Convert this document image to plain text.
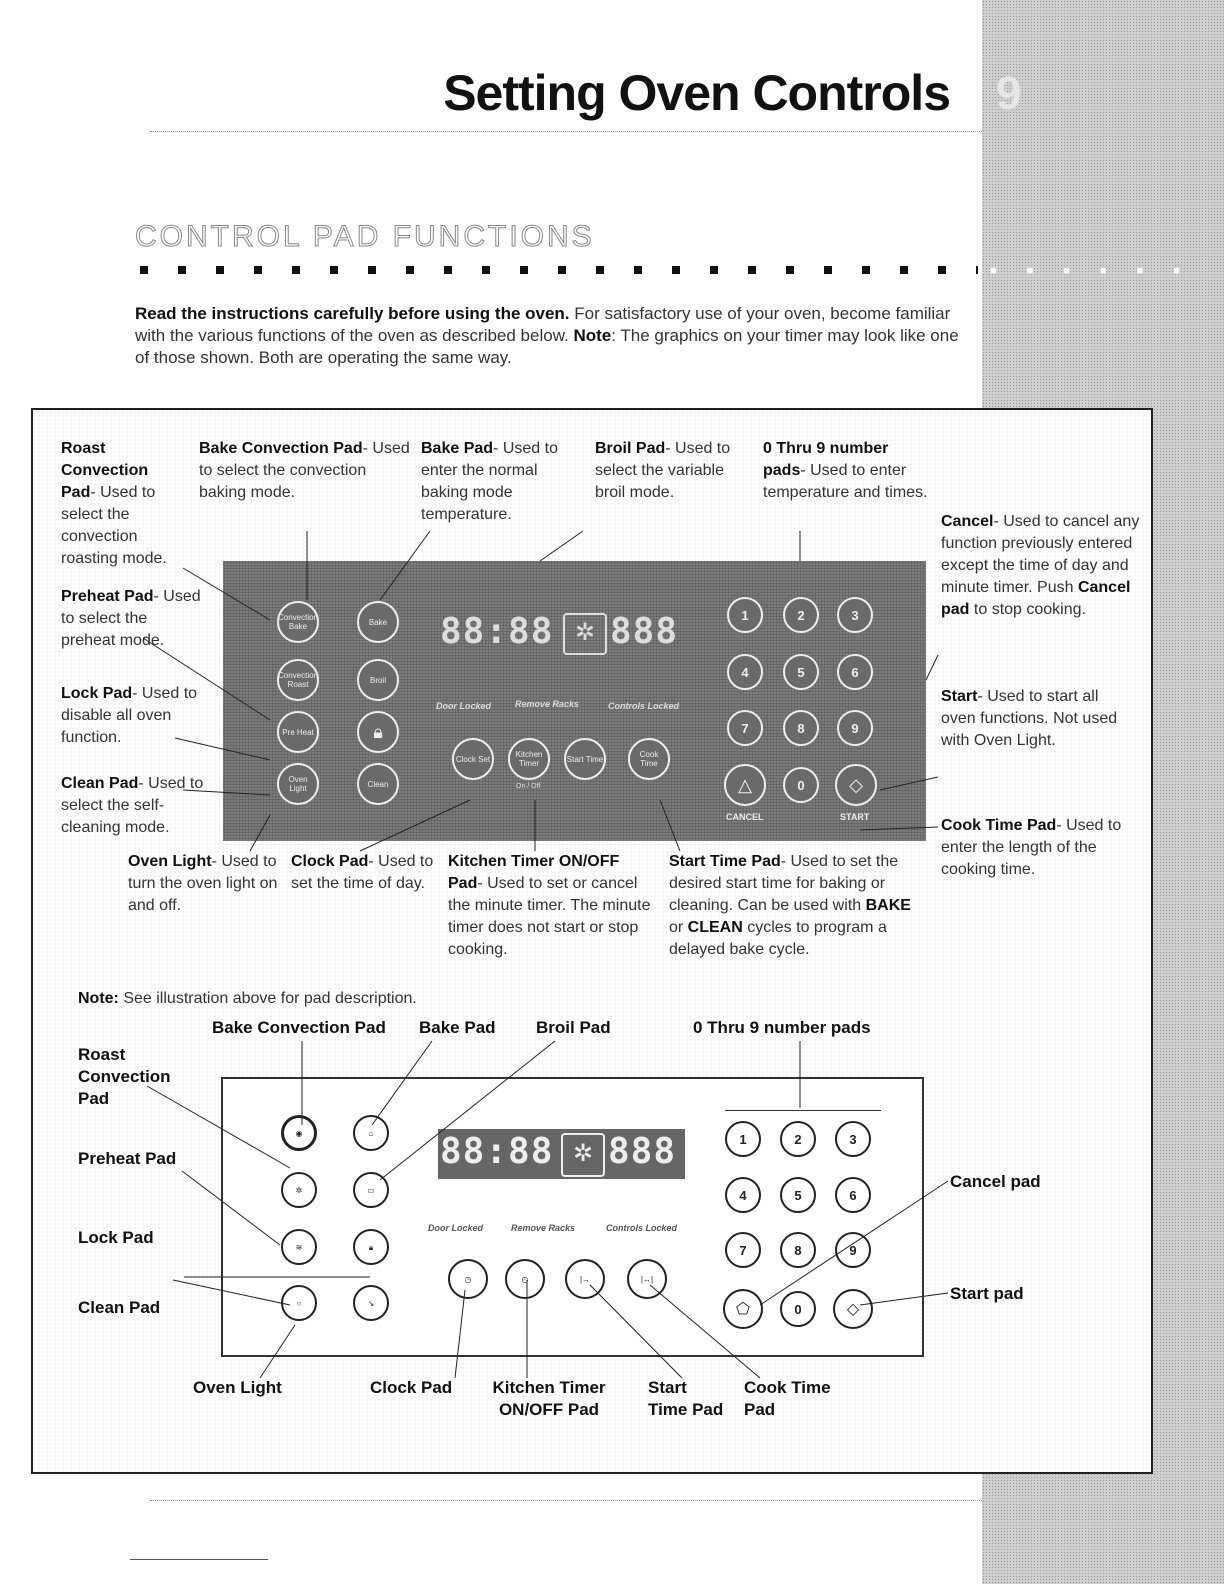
9
■■■■■■
Setting Oven Controls
CONTROL PAD FUNCTIONS
Read the instructions carefully before using the oven. For satisfactory use of your oven, become familiar with the various functions of the oven as described below. Note: The graphics on your timer may look like one of those shown. Both are operating the same way.
Roast Convection Pad- Used to select the convection roasting mode.
Bake Convection Pad- Used to select the convection baking mode.
Bake Pad- Used to enter the normal baking mode temperature.
Broil Pad- Used to select the variable broil mode.
0 Thru 9 number pads- Used to enter temperature and times.
Cancel- Used to cancel any function previously entered except the time of day and minute timer. Push Cancel pad to stop cooking.
Preheat Pad- Used to select the preheat mode.
Lock Pad- Used to disable all oven function.
Start- Used to start all oven functions. Not used with Oven Light.
Clean Pad- Used to select the self-cleaning mode.	Cook Time Pad- Used to enter the length of the cooking time.
Oven Light- Used to turn the oven light on and off.
Clock Pad- Used to set the time of day.
Kitchen Timer ON/OFF Pad- Used to set or cancel the minute timer. The minute timer does not start or stop cooking.
Start Time Pad- Used to set the desired start time for baking or cleaning. Can be used with BAKE or CLEAN cycles to program a delayed bake cycle.
Convection Bake	Bake
Convection Roast	Broil
Pre Heat	🔒︎
Oven Light	Clean
88:88 ✲ 888
Door Locked	Remove Racks	Controls Locked
Clock Set	Kitchen Timer
On / Off
Start Time	Cook Time
1	2	3
4	5	6
7	8	9
△	0	◇
CANCEL	START
Note: See illustration above for pad description.
Bake Convection Pad Bake Pad Broil Pad	0 Thru 9 number pads
Roast Convection Pad
Preheat Pad
Lock Pad
Clean Pad
Cancel pad
Start pad
Oven Light	Clock Pad	Kitchen Timer ON/OFF Pad
Start Time Pad
Cook Time Pad
◉	⌂
✲	▭
≋	🔒︎
○	↘
88:88 ✲ 888
Door Locked	Remove Racks	Controls Locked
◷	◴	|→	|↔|
1	2	3
4	5	6
7	8	9
⬠	0	◇
